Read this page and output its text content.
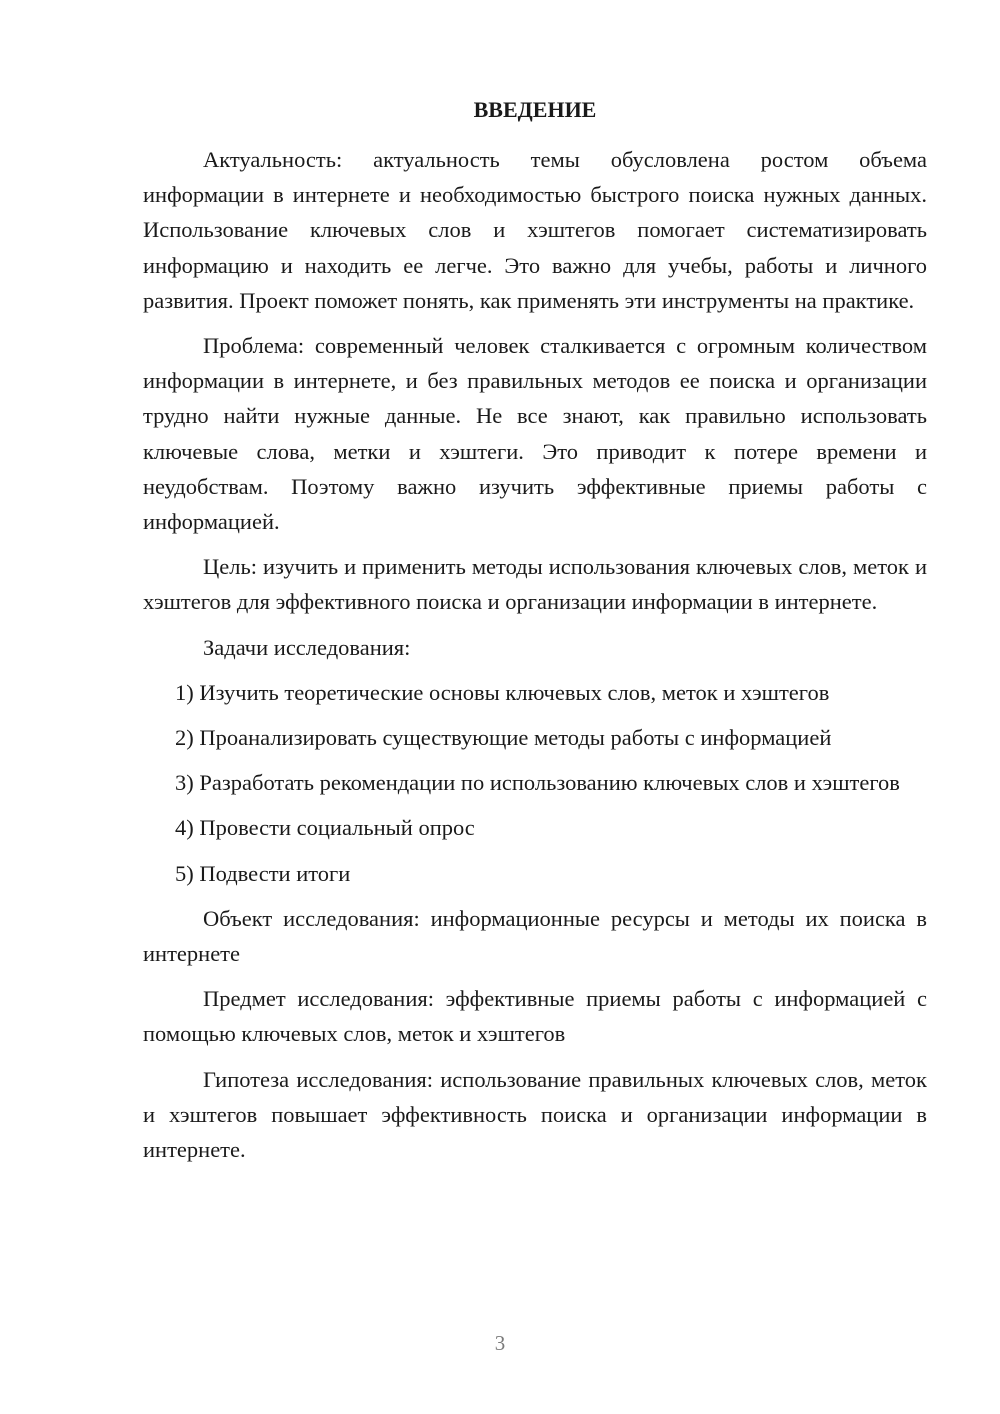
ВВЕДЕНИЕ

Актуальность: актуальность темы обусловлена ростом объема информации в интернете и необходимостью быстрого поиска нужных данных. Использование ключевых слов и хэштегов помогает систематизировать информацию и находить ее легче. Это важно для учебы, работы и личного развития. Проект поможет понять, как применять эти инструменты на практике.

Проблема: современный человек сталкивается с огромным количеством информации в интернете, и без правильных методов ее поиска и организации трудно найти нужные данные. Не все знают, как правильно использовать ключевые слова, метки и хэштеги. Это приводит к потере времени и неудобствам. Поэтому важно изучить эффективные приемы работы с информацией.

Цель: изучить и применить методы использования ключевых слов, меток и хэштегов для эффективного поиска и организации информации в интернете.

Задачи исследования:

1) Изучить теоретические основы ключевых слов, меток и хэштегов

2) Проанализировать существующие методы работы с информацией

3) Разработать рекомендации по использованию ключевых слов и хэштегов

4) Провести социальный опрос

5) Подвести итоги

Объект исследования: информационные ресурсы и методы их поиска в интернете

Предмет исследования: эффективные приемы работы с информацией с помощью ключевых слов, меток и хэштегов

Гипотеза исследования: использование правильных ключевых слов, меток и хэштегов повышает эффективность поиска и организации информации в интернете.

3
